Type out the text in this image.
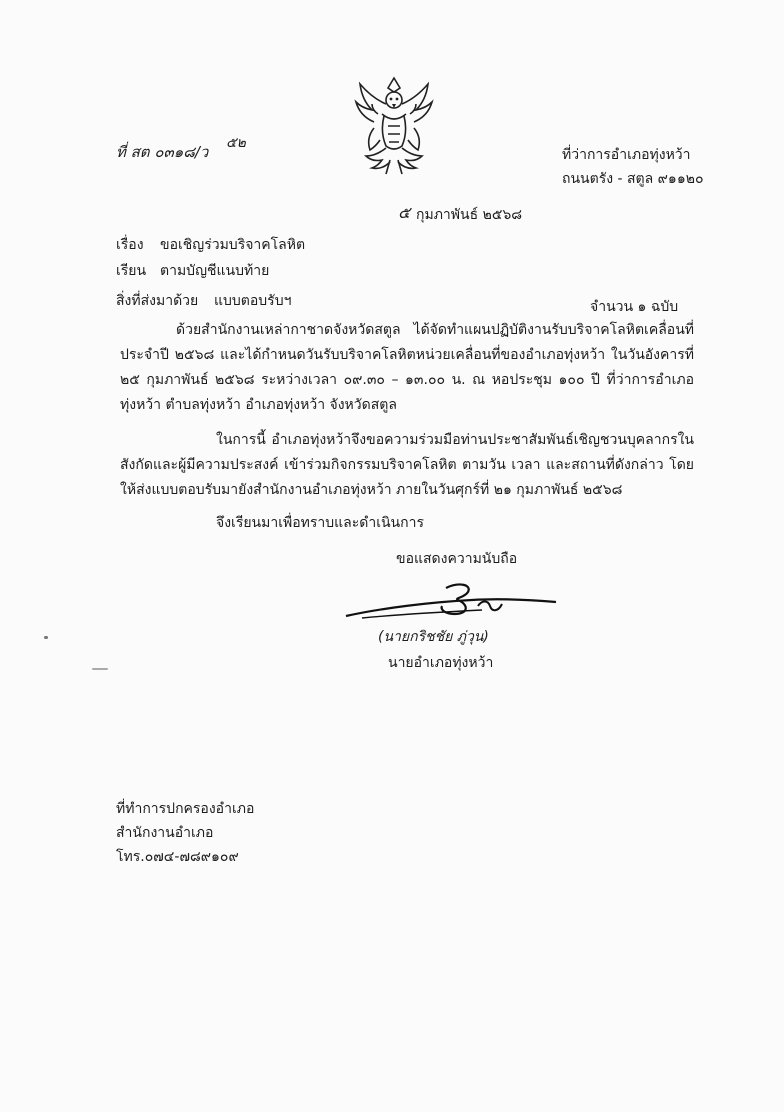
ที่ สต ๐๓๑๘/ว ๕๒
ที่ว่าการอำเภอทุ่งหว้า
ถนนตรัง - สตูล ๙๑๑๒๐
๕ กุมภาพันธ์ ๒๕๖๘
เรื่อง ขอเชิญร่วมบริจาคโลหิต
เรียน ตามบัญชีแนบท้าย
สิ่งที่ส่งมาด้วย แบบตอบรับฯ	จำนวน ๑ ฉบับ
ด้วยสำนักงานเหล่ากาชาดจังหวัดสตูล ได้จัดทำแผนปฏิบัติงานรับบริจาคโลหิตเคลื่อนที่ประจำปี ๒๕๖๘ และได้กำหนดวันรับบริจาคโลหิตหน่วยเคลื่อนที่ของอำเภอทุ่งหว้า ในวันอังคารที่ ๒๕ กุมภาพันธ์ ๒๕๖๘ ระหว่างเวลา ๐๙.๓๐ – ๑๓.๐๐ น. ณ หอประชุม ๑๐๐ ปี ที่ว่าการอำเภอทุ่งหว้า ตำบลทุ่งหว้า อำเภอทุ่งหว้า จังหวัดสตูล
ในการนี้ อำเภอทุ่งหว้าจึงขอความร่วมมือท่านประชาสัมพันธ์เชิญชวนบุคลากรในสังกัดและผู้มีความประสงค์ เข้าร่วมกิจกรรมบริจาคโลหิต ตามวัน เวลา และสถานที่ดังกล่าว โดยให้ส่งแบบตอบรับมายังสำนักงานอำเภอทุ่งหว้า ภายในวันศุกร์ที่ ๒๑ กุมภาพันธ์ ๒๕๖๘
จึงเรียนมาเพื่อทราบและดำเนินการ
ขอแสดงความนับถือ
(นายกริชชัย ภู่วุน)
นายอำเภอทุ่งหว้า
ที่ทำการปกครองอำเภอ
สำนักงานอำเภอ
โทร.๐๗๔-๗๘๙๑๐๙
